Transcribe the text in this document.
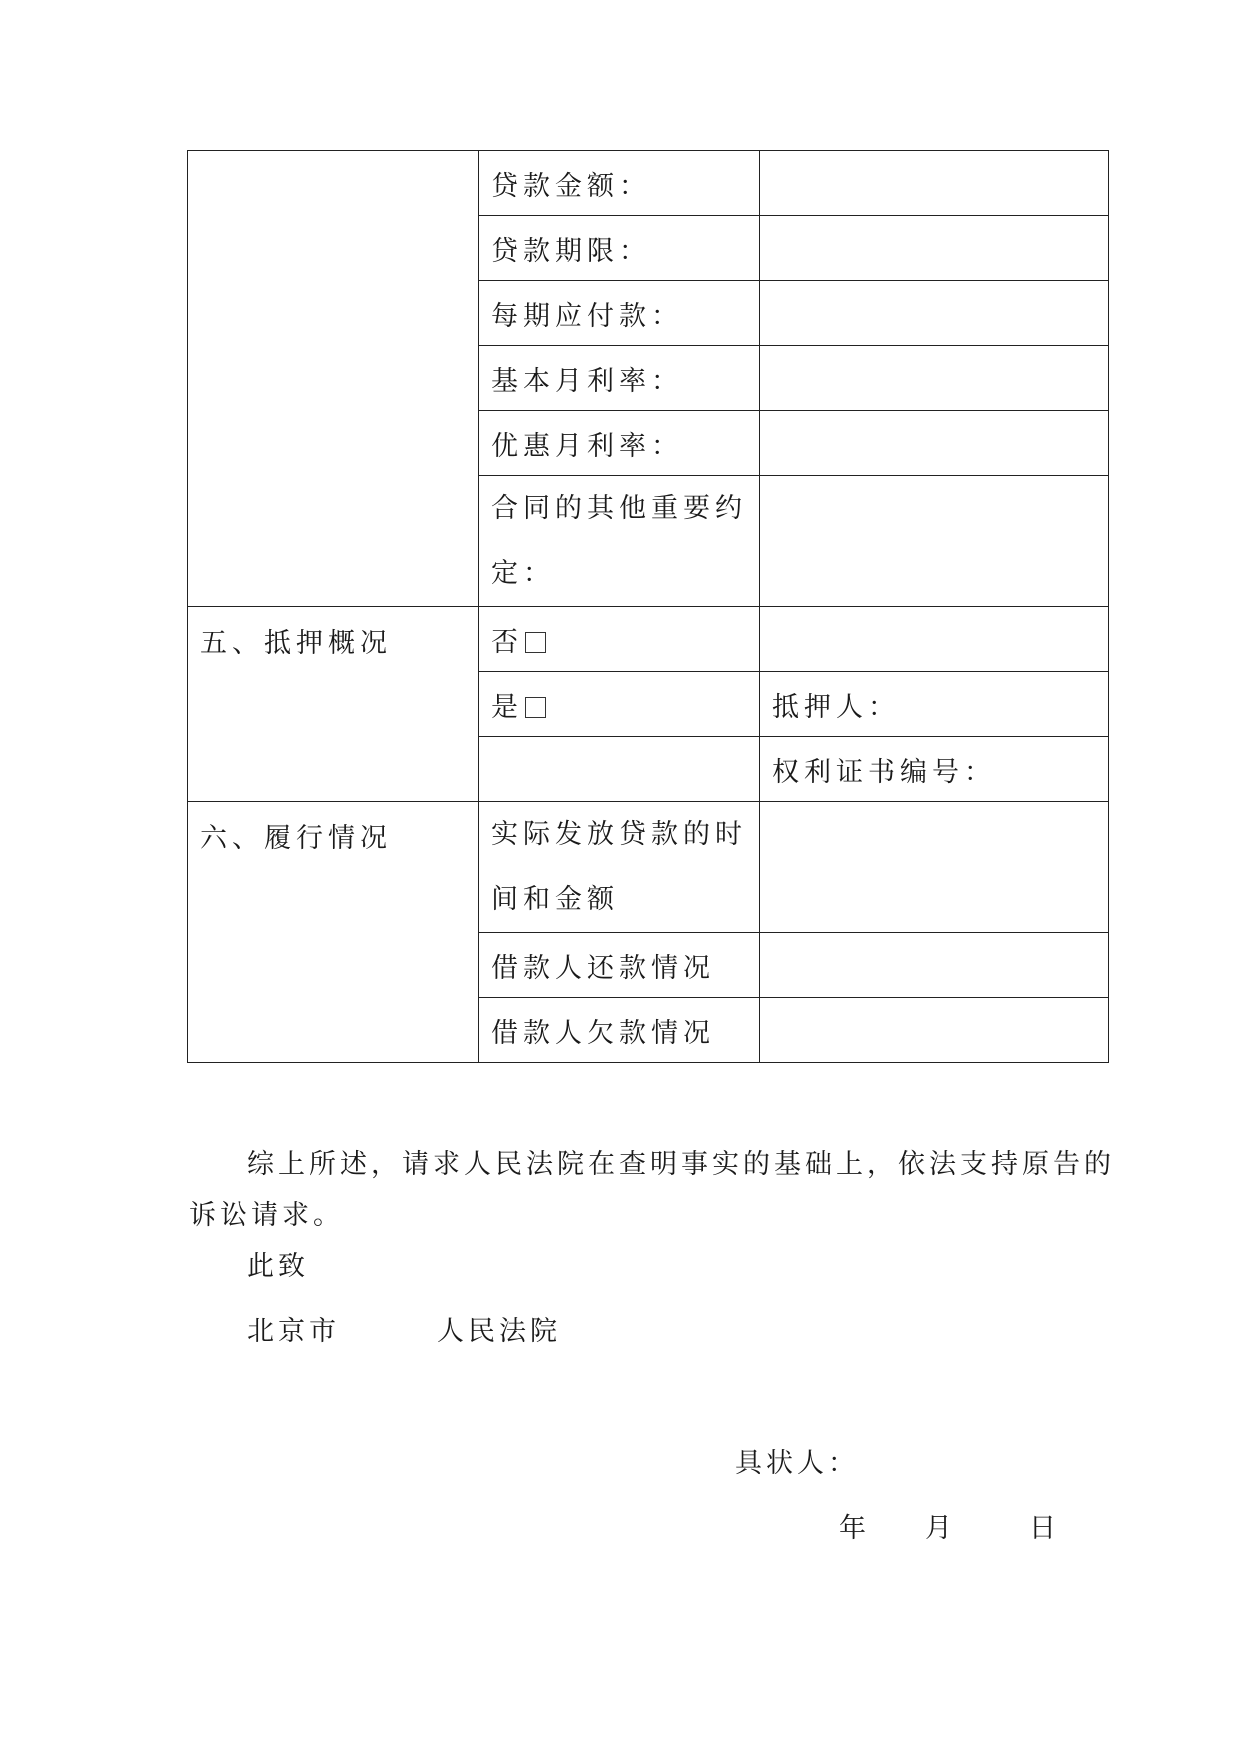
	贷款金额：	
	贷款期限：	
	每期应付款：	
	基本月利率：	
	优惠月利率：	

	合同的其他重要约
定：	

五、抵押概况	否	
	是	抵押人：
		权利证书编号：
六、履行情况	实际发放贷款的时
间和金额	

	借款人还款情况	
	借款人欠款情况	
综上所述，请求人民法院在查明事实的基础上，依法支持原告的
诉讼请求。
此致
北京市	人民法院
具状人：
年 月	日
